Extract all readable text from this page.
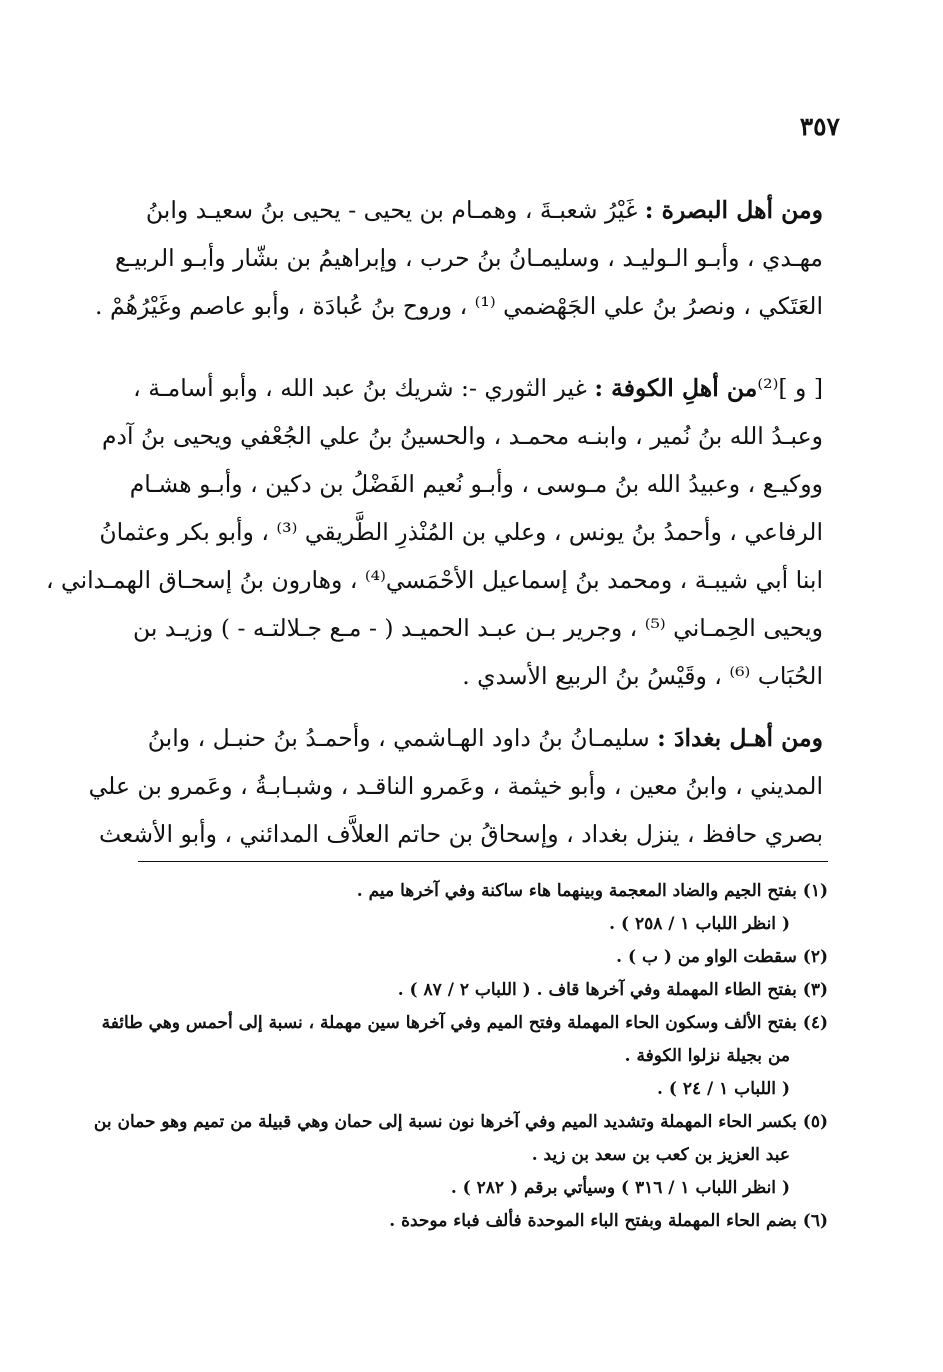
٣٥٧

ومن أهل البصرة : غَيْرُ شعبـةَ ، وهمـام بن يحيى - يحيى بنُ سعيـد وابنُ
مهـدي ، وأبـو الـوليـد ، وسليمـانُ بنُ حرب ، وإبراهيمُ بن بشّار وأبـو الربيـع
العَتَكي ، ونصرُ بنُ علي الجَهْضمي ⁽¹⁾ ، وروح بنُ عُبادَة ، وأبو عاصم وغَيْرُهُمْ .

[ و ]⁽²⁾من أهلِ الكوفة : غير الثوري -: شريك بنُ عبد الله ، وأبو أسامـة ،
وعبـدُ الله بنُ نُمير ، وابنـه محمـد ، والحسينُ بنُ علي الجُعْفي ويحيى بنُ آدم
ووكيـع ، وعبيدُ الله بنُ مـوسى ، وأبـو نُعيم الفَضْلُ بن دكين ، وأبـو هشـام
الرفاعي ، وأحمدُ بنُ يونس ، وعلي بن المُنْذرِ الطَّريقي ⁽³⁾ ، وأبو بكر وعثمانُ
ابنا أبي شيبـة ، ومحمد بنُ إسماعيل الأحْمَسي⁽⁴⁾ ، وهارون بنُ إسحـاق الهمـداني ،
ويحيى الحِمـاني ⁽⁵⁾ ، وجرير بـن عبـد الحميـد ( - مـع جـلالتـه - ) وزيـد بن
الحُبَاب ⁽⁶⁾ ، وقَيْسُ بنُ الربيع الأسدي .

ومن أهـل بغدادَ : سليمـانُ بنُ داود الهـاشمي ، وأحمـدُ بنُ حنبـل ، وابنُ
المديني ، وابنُ معين ، وأبو خيثمة ، وعَمرو الناقـد ، وشبـابـةُ ، وعَمرو بن علي
بصري حافظ ، ينزل بغداد ، وإسحاقُ بن حاتم العلاَّف المدائني ، وأبو الأشعث

(١) بفتح الجيم والضاد المعجمة وبينهما هاء ساكنة وفي آخرها ميم .
( انظر اللباب ١ / ٢٥٨ ) .
(٢) سقطت الواو من ( ب ) .
(٣) بفتح الطاء المهملة وفي آخرها قاف . ( اللباب ٢ / ٨٧ ) .
(٤) بفتح الألف وسكون الحاء المهملة وفتح الميم وفي آخرها سين مهملة ، نسبة إلى أحمس وهي طائفة
من بجيلة نزلوا الكوفة .
( اللباب ١ / ٢٤ ) .
(٥) بكسر الحاء المهملة وتشديد الميم وفي آخرها نون نسبة إلى حمان وهي قبيلة من تميم وهو حمان بن
عبد العزيز بن كعب بن سعد بن زيد .
( انظر اللباب ١ / ٣١٦ ) وسيأتي برقم ( ٢٨٢ ) .
(٦) بضم الحاء المهملة وبفتح الباء الموحدة فألف فباء موحدة .
